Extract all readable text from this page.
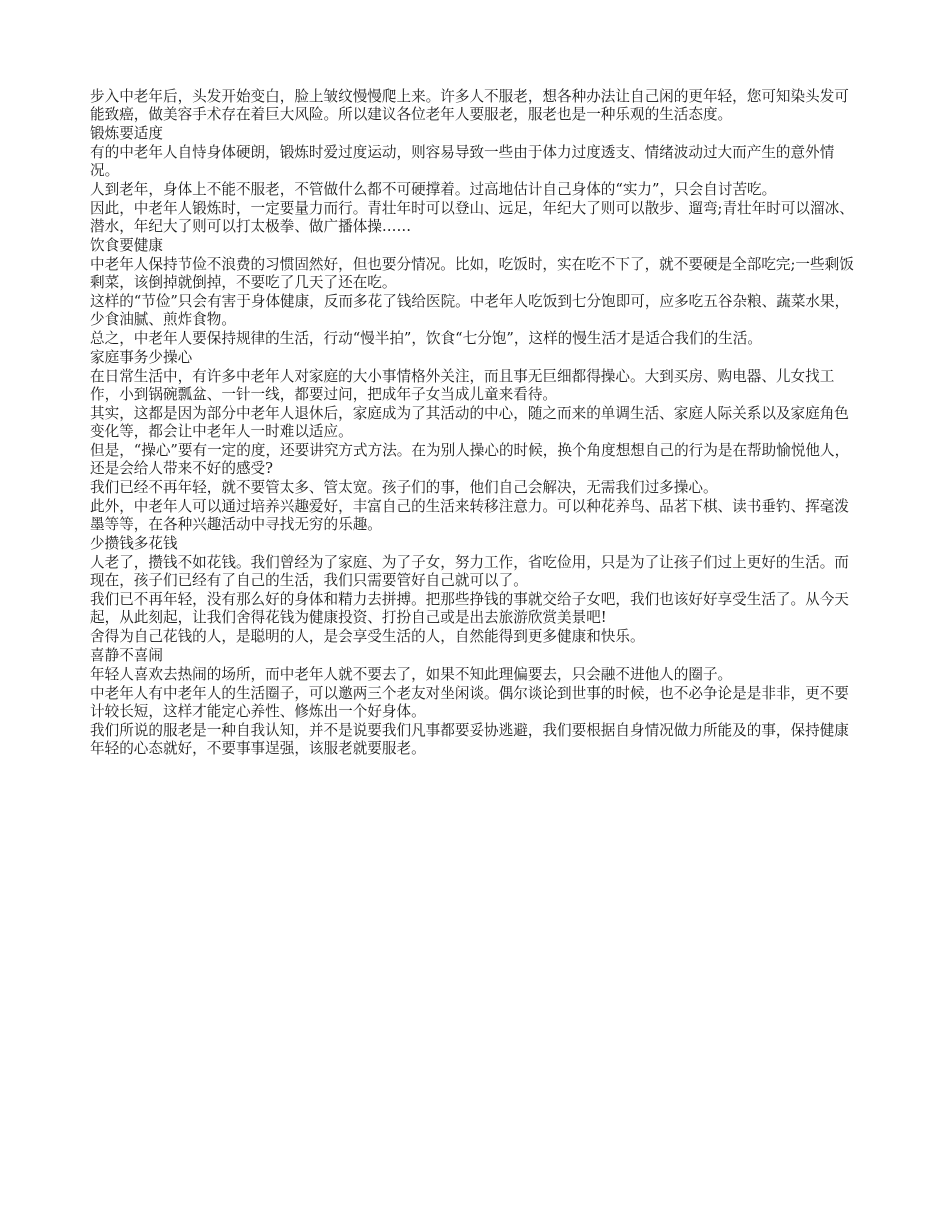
步入中老年后，头发开始变白，脸上皱纹慢慢爬上来。许多人不服老，想各种办法让自己闲的更年轻，您可知染头发可能致癌，做美容手术存在着巨大风险。所以建议各位老年人要服老，服老也是一种乐观的生活态度。

锻炼要适度

有的中老年人自恃身体硬朗，锻炼时爱过度运动，则容易导致一些由于体力过度透支、情绪波动过大而产生的意外情况。

人到老年，身体上不能不服老，不管做什么都不可硬撑着。过高地估计自己身体的“实力”，只会自讨苦吃。

因此，中老年人锻炼时，一定要量力而行。青壮年时可以登山、远足，年纪大了则可以散步、遛弯;青壮年时可以溜冰、潜水，年纪大了则可以打太极拳、做广播体操……

饮食要健康

中老年人保持节俭不浪费的习惯固然好，但也要分情况。比如，吃饭时，实在吃不下了，就不要硬是全部吃完;一些剩饭剩菜，该倒掉就倒掉，不要吃了几天了还在吃。

这样的“节俭”只会有害于身体健康，反而多花了钱给医院。中老年人吃饭到七分饱即可，应多吃五谷杂粮、蔬菜水果，少食油腻、煎炸食物。

总之，中老年人要保持规律的生活，行动“慢半拍”，饮食“七分饱”，这样的慢生活才是适合我们的生活。

家庭事务少操心

在日常生活中，有许多中老年人对家庭的大小事情格外关注，而且事无巨细都得操心。大到买房、购电器、儿女找工作，小到锅碗瓢盆、一针一线，都要过问，把成年子女当成儿童来看待。

其实，这都是因为部分中老年人退休后，家庭成为了其活动的中心，随之而来的单调生活、家庭人际关系以及家庭角色变化等，都会让中老年人一时难以适应。

但是，“操心”要有一定的度，还要讲究方式方法。在为别人操心的时候，换个角度想想自己的行为是在帮助愉悦他人，还是会给人带来不好的感受?

我们已经不再年轻，就不要管太多、管太宽。孩子们的事，他们自己会解决，无需我们过多操心。

此外，中老年人可以通过培养兴趣爱好，丰富自己的生活来转移注意力。可以种花养鸟、品茗下棋、读书垂钓、挥毫泼墨等等，在各种兴趣活动中寻找无穷的乐趣。

少攒钱多花钱

人老了，攒钱不如花钱。我们曾经为了家庭、为了子女，努力工作，省吃俭用，只是为了让孩子们过上更好的生活。而现在，孩子们已经有了自己的生活，我们只需要管好自己就可以了。

我们已不再年轻，没有那么好的身体和精力去拼搏。把那些挣钱的事就交给子女吧，我们也该好好享受生活了。从今天起，从此刻起，让我们舍得花钱为健康投资、打扮自己或是出去旅游欣赏美景吧!

舍得为自己花钱的人，是聪明的人，是会享受生活的人，自然能得到更多健康和快乐。

喜静不喜闹

年轻人喜欢去热闹的场所，而中老年人就不要去了，如果不知此理偏要去，只会融不进他人的圈子。

中老年人有中老年人的生活圈子，可以邀两三个老友对坐闲谈。偶尔谈论到世事的时候，也不必争论是是非非，更不要计较长短，这样才能定心养性、修炼出一个好身体。

我们所说的服老是一种自我认知，并不是说要我们凡事都要妥协逃避，我们要根据自身情况做力所能及的事，保持健康年轻的心态就好，不要事事逞强，该服老就要服老。
